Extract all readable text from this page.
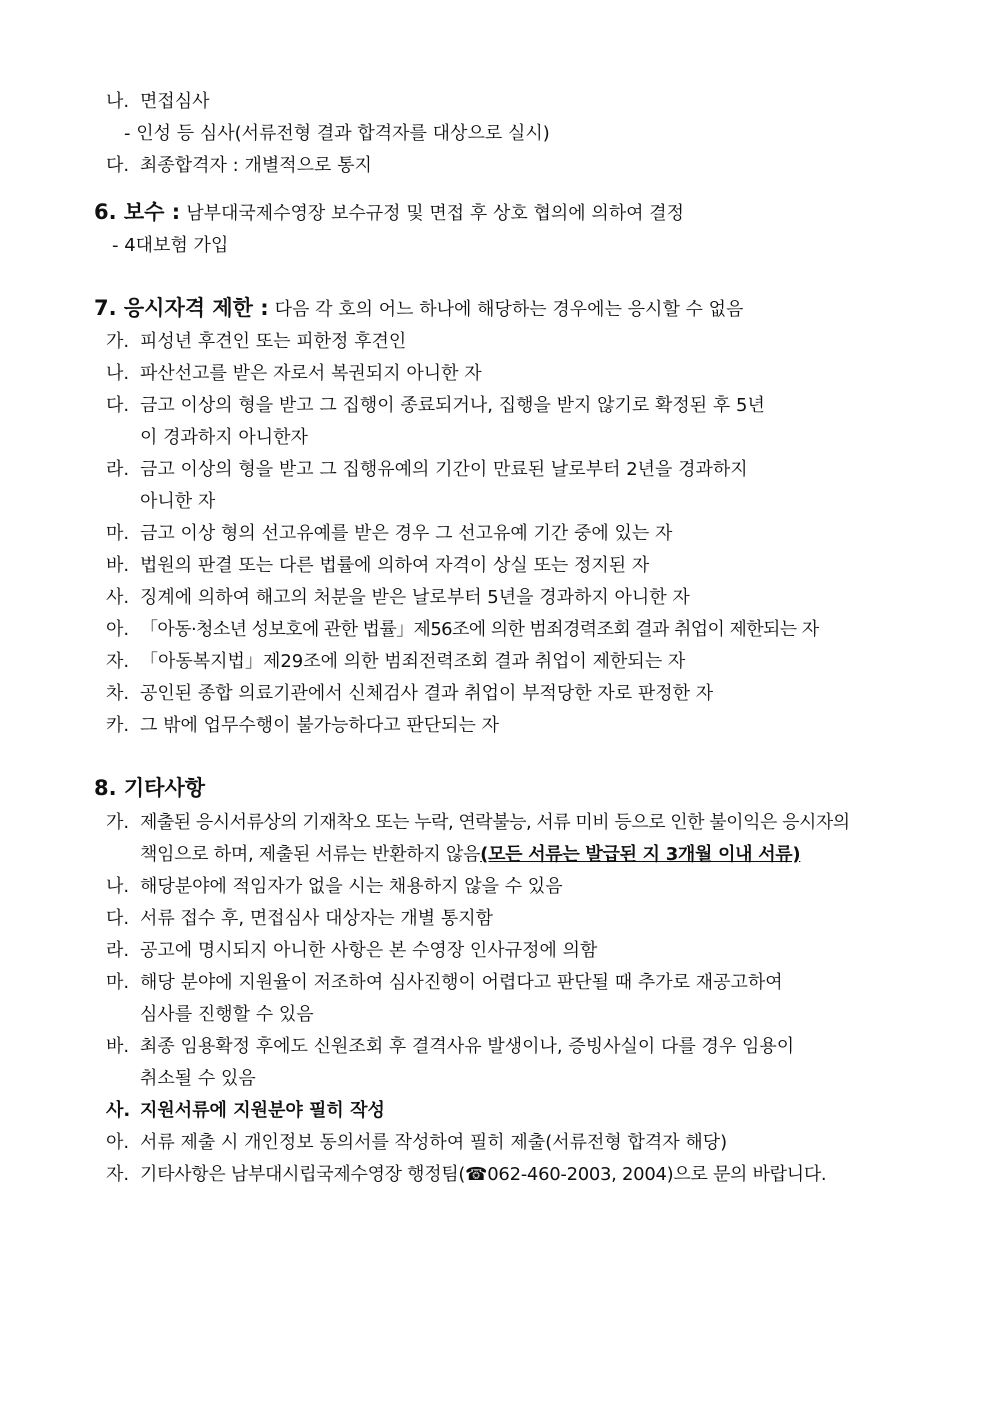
나. 면접심사
- 인성 등 심사(서류전형 결과 합격자를 대상으로 실시)
다. 최종합격자 : 개별적으로 통지
6. 보수 : 남부대국제수영장 보수규정 및 면접 후 상호 협의에 의하여 결정
- 4대보험 가입
7. 응시자격 제한 : 다음 각 호의 어느 하나에 해당하는 경우에는 응시할 수 없음
가. 피성년 후견인 또는 피한정 후견인
나. 파산선고를 받은 자로서 복권되지 아니한 자
다. 금고 이상의 형을 받고 그 집행이 종료되거나, 집행을 받지 않기로 확정된 후 5년
이 경과하지 아니한자
라. 금고 이상의 형을 받고 그 집행유예의 기간이 만료된 날로부터 2년을 경과하지
아니한 자
마. 금고 이상 형의 선고유예를 받은 경우 그 선고유예 기간 중에 있는 자
바. 법원의 판결 또는 다른 법률에 의하여 자격이 상실 또는 정지된 자
사. 징계에 의하여 해고의 처분을 받은 날로부터 5년을 경과하지 아니한 자
아. 「아동·청소년 성보호에 관한 법률」제56조에 의한 범죄경력조회 결과 취업이 제한되는 자
자. 「아동복지법」제29조에 의한 범죄전력조회 결과 취업이 제한되는 자
차. 공인된 종합 의료기관에서 신체검사 결과 취업이 부적당한 자로 판정한 자
카. 그 밖에 업무수행이 불가능하다고 판단되는 자
8. 기타사항
가. 제출된 응시서류상의 기재착오 또는 누락, 연락불능, 서류 미비 등으로 인한 불이익은 응시자의
책임으로 하며, 제출된 서류는 반환하지 않음(모든 서류는 발급된 지 3개월 이내 서류)
나. 해당분야에 적임자가 없을 시는 채용하지 않을 수 있음
다. 서류 접수 후, 면접심사 대상자는 개별 통지함
라. 공고에 명시되지 아니한 사항은 본 수영장 인사규정에 의함
마. 해당 분야에 지원율이 저조하여 심사진행이 어렵다고 판단될 때 추가로 재공고하여
심사를 진행할 수 있음
바. 최종 임용확정 후에도 신원조회 후 결격사유 발생이나, 증빙사실이 다를 경우 임용이
취소될 수 있음
사. 지원서류에 지원분야 필히 작성
아. 서류 제출 시 개인정보 동의서를 작성하여 필히 제출(서류전형 합격자 해당)
자. 기타사항은 남부대시립국제수영장 행정팀(☎062-460-2003, 2004)으로 문의 바랍니다.
